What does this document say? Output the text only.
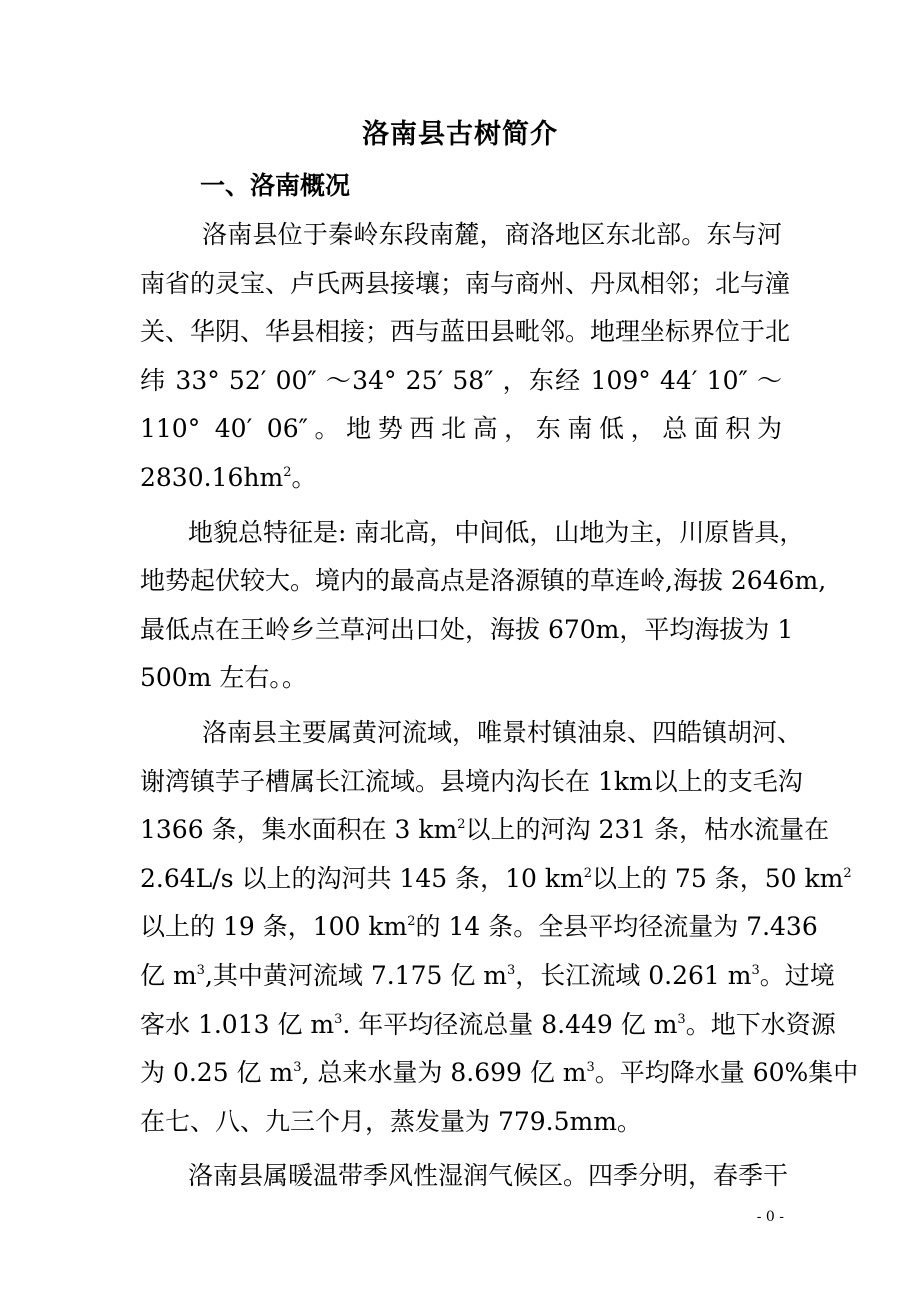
洛南县古树简介
一、洛南概况
洛南县位于秦岭东段南麓，商洛地区东北部。东与河
南省的灵宝、卢氏两县接壤；南与商州、丹凤相邻；北与潼
关、华阴、华县相接；西与蓝田县毗邻。地理坐标界位于北
纬 33° 52′ 00″ ～34° 25′ 58″ ，东经 109° 44′ 10″ ～
110° 40′ 06″。地势西北高，东南低，总面积为
$2830.16hm^2$。
地貌总特征是: 南北高，中间低，山地为主，川原皆具，
地势起伏较大。境内的最高点是洛源镇的草连岭,海拔 2646m,
最低点在王岭乡兰草河出口处，海拔 670m，平均海拔为 1
500m 左右。。
洛南县主要属黄河流域，唯景村镇油泉、四皓镇胡河、
谢湾镇芋子槽属长江流域。县境内沟长在 1km以上的支毛沟
1366 条，集水面积在 3 $km^2$以上的河沟 231 条，枯水流量在
2.64L/s 以上的沟河共 145 条，10 $km^2$以上的 75 条，50 $km^2$
以上的 19 条，100 $km^2$的 14 条。全县平均径流量为 7.436
亿 $m^3$,其中黄河流域 7.175 亿 $m^3$，长江流域 0.261 $m^3$。过境
客水 1.013 亿 $m^3$. 年平均径流总量 8.449 亿 $m^3$。地下水资源
为 0.25 亿 $m^3$, 总来水量为 8.699 亿 $m^3$。平均降水量 60%集中
在七、八、九三个月，蒸发量为 779.5mm。
洛南县属暖温带季风性湿润气候区。四季分明，春季干
- 0 -
